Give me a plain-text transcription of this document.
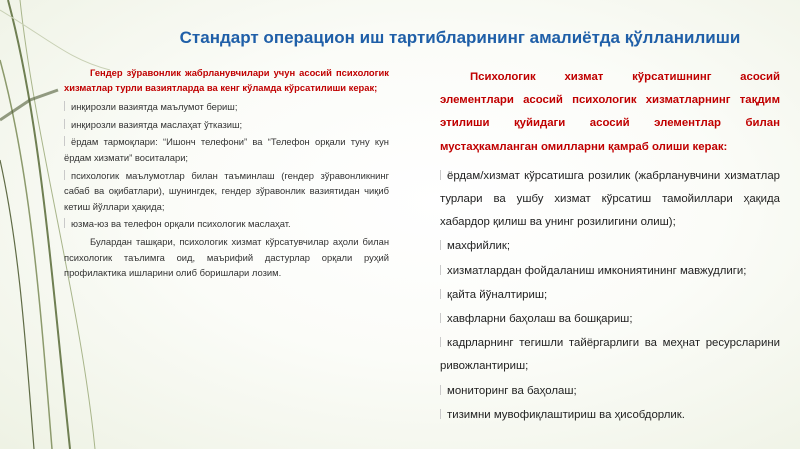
Стандарт операцион иш тартибларининг амалиётда қўлланилиши
Гендер зўравонлик жабрланувчилари учун асосий психологик хизматлар турли вазиятларда ва кенг кўламда кўрсатилиши керак;

инқирозли вазиятда маълумот бериш;

инқирозли вазиятда маслаҳат ўтказиш;

ёрдам тармоқлари: “Ишонч телефони” ва “Телефон орқали туну кун ёрдам хизмати” воситалари;

психологик маълумотлар билан таъминлаш (гендер зўравонликнинг сабаб ва оқибатлари), шунингдек, гендер зўравонлик вазиятидан чиқиб кетиш йўллари ҳақида;

юзма-юз ва телефон орқали психологик маслаҳат.

Булардан ташқари, психологик хизмат кўрсатувчилар аҳоли билан психологик таълимга оид, маърифий дастурлар орқали руҳий профилактика ишларини олиб боришлари лозим.

Психологик хизмат кўрсатишнинг асосий элементлари асосий психологик хизматларнинг тақдим этилиши қуйидаги асосий элементлар билан мустаҳкамланган омилларни қамраб олиши керак:

ёрдам/хизмат кўрсатишга розилик (жабрланувчини хизматлар турлари ва ушбу хизмат кўрсатиш тамойиллари ҳақида хабардор қилиш ва унинг розилигини олиш);

махфийлик;

хизматлардан фойдаланиш имкониятининг мавжудлиги;

қайта йўналтириш;

хавфларни баҳолаш ва бошқариш;

кадрларнинг тегишли тайёргарлиги ва меҳнат ресурсларини ривожлантириш;

мониторинг ва баҳолаш;

тизимни мувофиқлаштириш ва ҳисобдорлик.
